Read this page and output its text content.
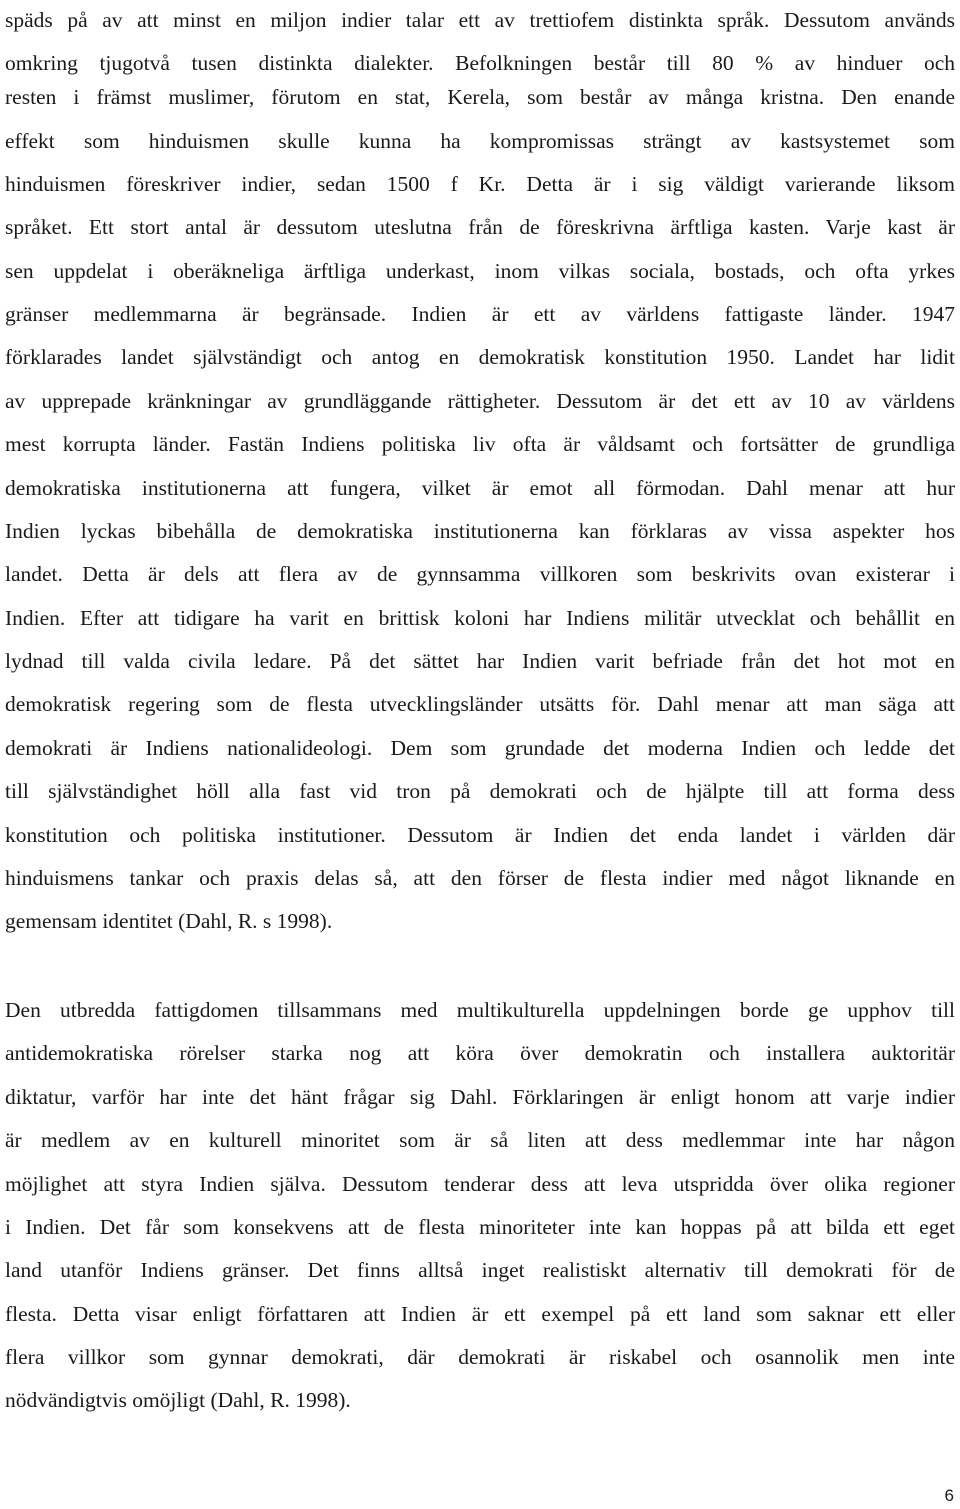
späds på av att minst en miljon indier talar ett av trettiofem distinkta språk. Dessutom används
omkring tjugotvå tusen distinkta dialekter. Befolkningen består till 80 % av hinduer och
resten i främst muslimer, förutom en stat, Kerela, som består av många kristna. Den enande
effekt som hinduismen skulle kunna ha kompromissas strängt av kastsystemet som
hinduismen föreskriver indier, sedan 1500 f Kr. Detta är i sig väldigt varierande liksom
språket. Ett stort antal är dessutom uteslutna från de föreskrivna ärftliga kasten. Varje kast är
sen uppdelat i oberäkneliga ärftliga underkast, inom vilkas sociala, bostads, och ofta yrkes
gränser medlemmarna är begränsade. Indien är ett av världens fattigaste länder. 1947
förklarades landet självständigt och antog en demokratisk konstitution 1950. Landet har lidit
av upprepade kränkningar av grundläggande rättigheter. Dessutom är det ett av 10 av världens
mest korrupta länder. Fastän Indiens politiska liv ofta är våldsamt och fortsätter de grundliga
demokratiska institutionerna att fungera, vilket är emot all förmodan. Dahl menar att hur
Indien lyckas bibehålla de demokratiska institutionerna kan förklaras av vissa aspekter hos
landet. Detta är dels att flera av de gynnsamma villkoren som beskrivits ovan existerar i
Indien. Efter att tidigare ha varit en brittisk koloni har Indiens militär utvecklat och behållit en
lydnad till valda civila ledare. På det sättet har Indien varit befriade från det hot mot en
demokratisk regering som de flesta utvecklingsländer utsätts för. Dahl menar att man säga att
demokrati är Indiens nationalideologi. Dem som grundade det moderna Indien och ledde det
till självständighet höll alla fast vid tron på demokrati och de hjälpte till att forma dess
konstitution och politiska institutioner. Dessutom är Indien det enda landet i världen där
hinduismens tankar och praxis delas så, att den förser de flesta indier med något liknande en
gemensam identitet (Dahl, R. s 1998).
Den utbredda fattigdomen tillsammans med multikulturella uppdelningen borde ge upphov till
antidemokratiska rörelser starka nog att köra över demokratin och installera auktoritär
diktatur, varför har inte det hänt frågar sig Dahl. Förklaringen är enligt honom att varje indier
är medlem av en kulturell minoritet som är så liten att dess medlemmar inte har någon
möjlighet att styra Indien själva. Dessutom tenderar dess att leva utspridda över olika regioner
i Indien. Det får som konsekvens att de flesta minoriteter inte kan hoppas på att bilda ett eget
land utanför Indiens gränser. Det finns alltså inget realistiskt alternativ till demokrati för de
flesta. Detta visar enligt författaren att Indien är ett exempel på ett land som saknar ett eller
flera villkor som gynnar demokrati, där demokrati är riskabel och osannolik men inte
nödvändigtvis omöjligt (Dahl, R. 1998).
6
